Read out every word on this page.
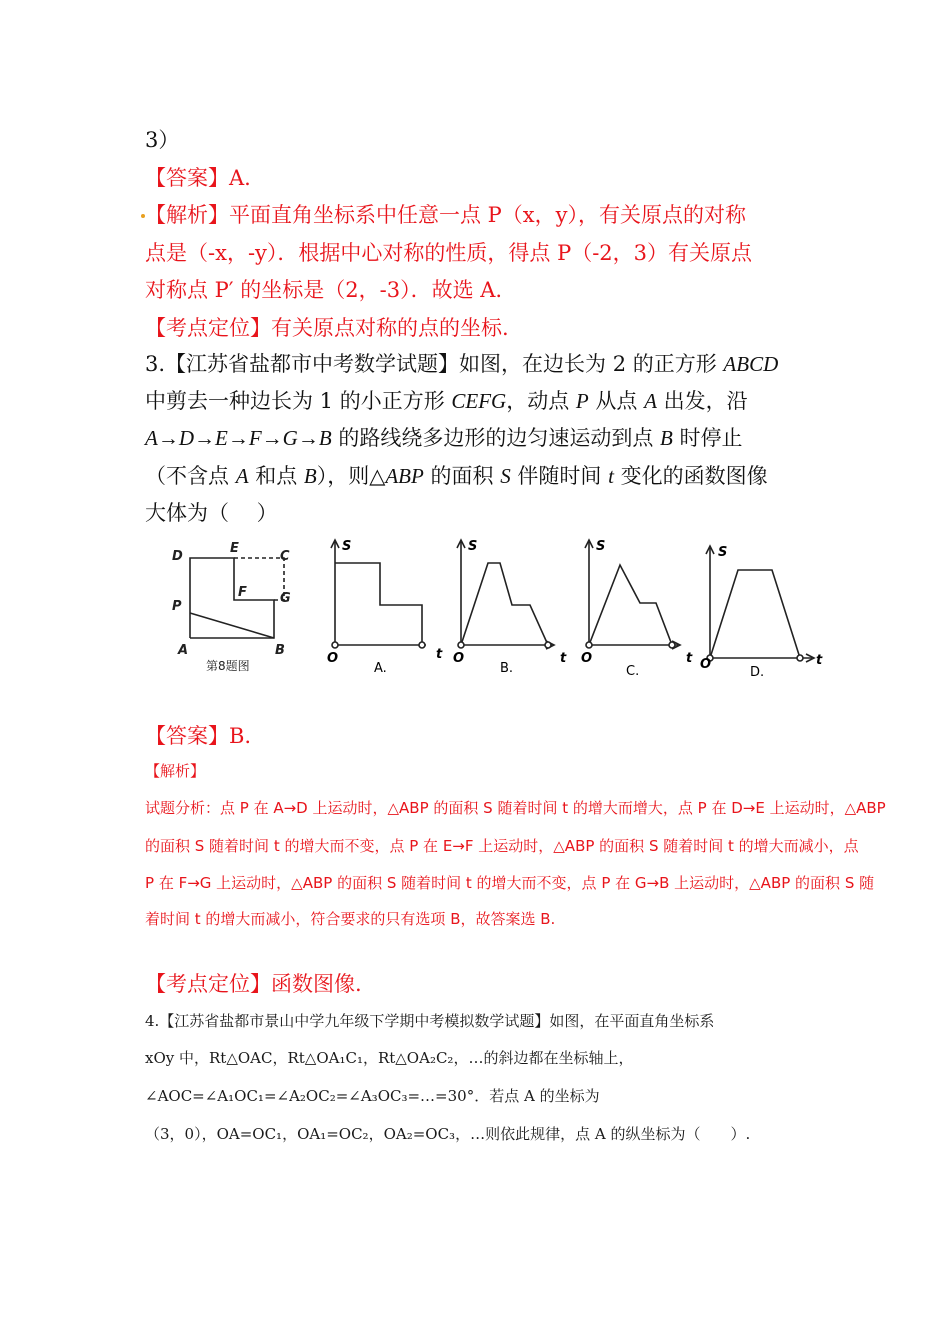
3）
【答案】A.
【解析】平面直角坐标系中任意一点 P（x，y），有关原点的对称
点是（-x，-y）．根据中心对称的性质，得点 P（-2，3）有关原点
对称点 P′ 的坐标是（2，-3）．故选 A.
【考点定位】有关原点对称的点的坐标.
3.【江苏省盐都市中考数学试题】如图，在边长为 2 的正方形 ABCD
中剪去一种边长为 1 的小正方形 CEFG，动点 P 从点 A 出发，沿
A→D→E→F→G→B 的路线绕多边形的边匀速运动到点 B 时停止
（不含点 A 和点 B），则△ABP 的面积 S 伴随时间 t 变化的函数图像
大体为（　 ）
D
E
C
F	G
P
A	B
第8题图
S
O	t
A.
S
O	t
B.
S
O	t
C.
S
O	t
D.
【答案】B.
【解析】
试题分析：点 P 在 A→D 上运动时，△ABP 的面积 S 随着时间 t 的增大而增大，点 P 在 D→E 上运动时，△ABP
的面积 S 随着时间 t 的增大而不变，点 P 在 E→F 上运动时，△ABP 的面积 S 随着时间 t 的增大而减小，点
P 在 F→G 上运动时，△ABP 的面积 S 随着时间 t 的增大而不变，点 P 在 G→B 上运动时，△ABP 的面积 S 随
着时间 t 的增大而减小，符合要求的只有选项 B，故答案选 B.
【考点定位】函数图像.
4.【江苏省盐都市景山中学九年级下学期中考模拟数学试题】如图，在平面直角坐标系
xOy 中，Rt△OAC，Rt△OA₁C₁，Rt△OA₂C₂，…的斜边都在坐标轴上，
∠AOC=∠A₁OC₁=∠A₂OC₂=∠A₃OC₃=…=30°．若点 A 的坐标为
（3，0），OA=OC₁，OA₁=OC₂，OA₂=OC₃，…则依此规律，点 A 的纵坐标为（　　）.
